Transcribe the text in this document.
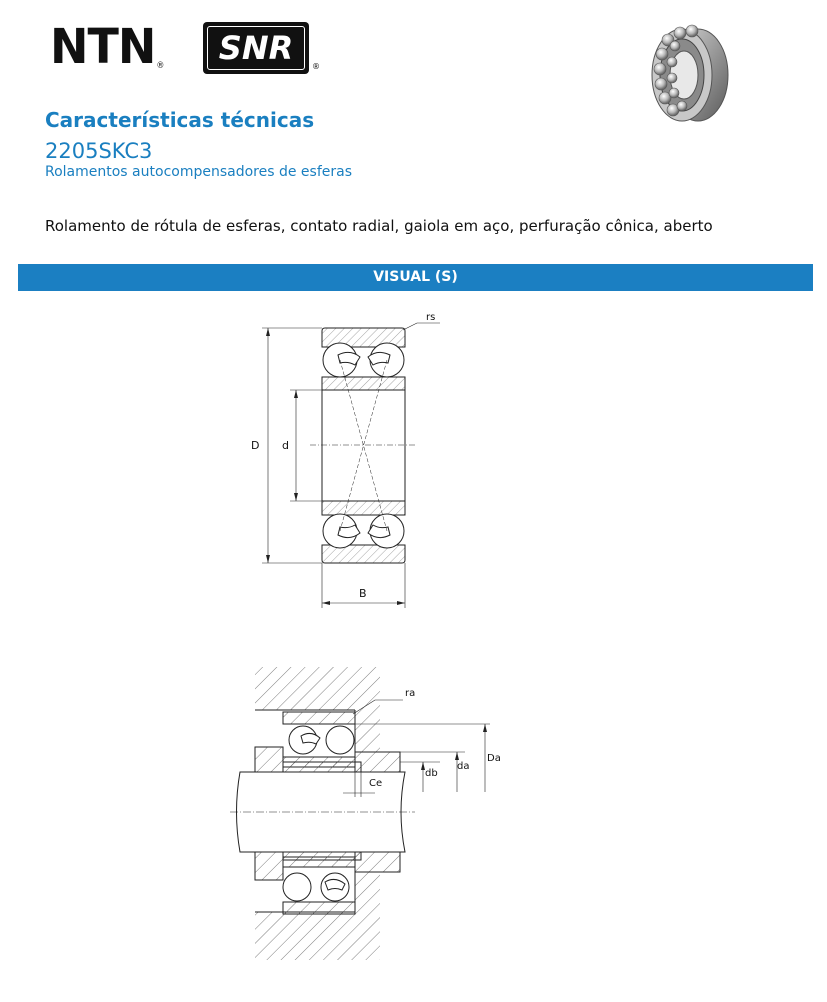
NTN®	SNR	®
Características técnicas
2205SKC3
Rolamentos autocompensadores de esferas
Rolamento de rótula de esferas, contato radial, gaiola em aço, perfuração cônica, aberto
VISUAL (S)
rs
D d
B
ra
Ce
db
da
Da
